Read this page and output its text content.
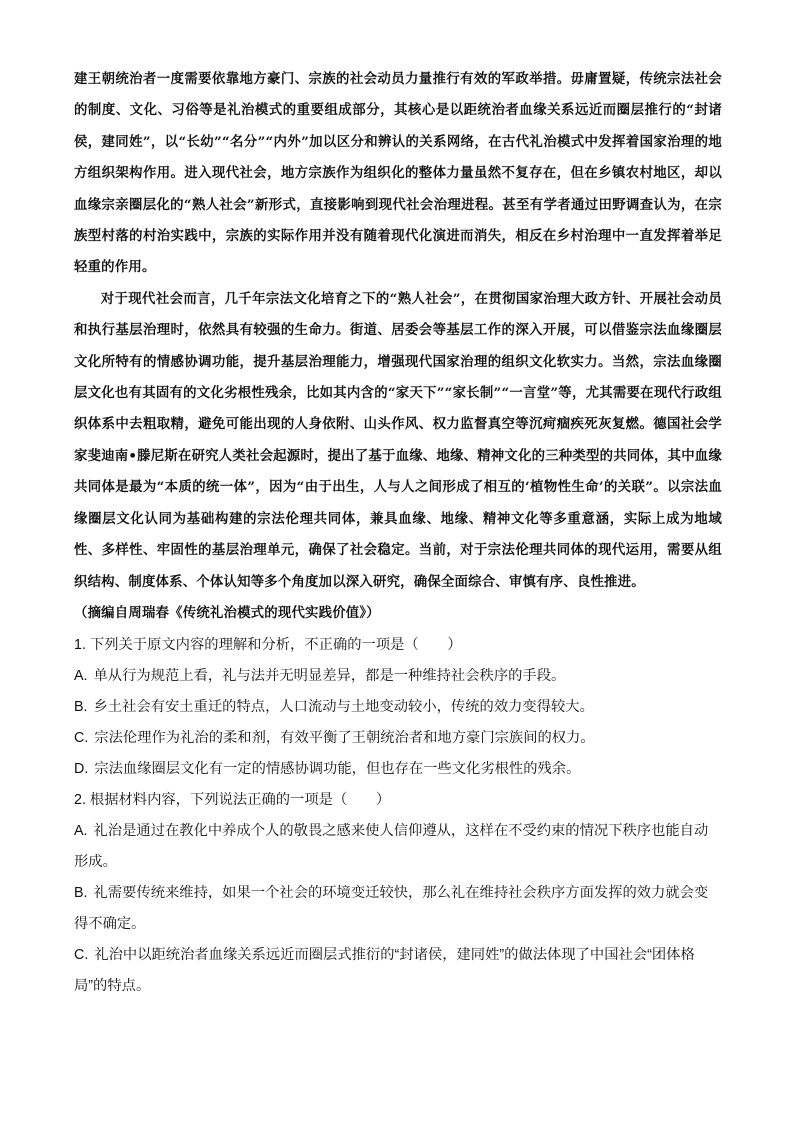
建王朝统治者一度需要依靠地方豪门、宗族的社会动员力量推行有效的军政举措。毋庸置疑，传统宗法社会的制度、文化、习俗等是礼治模式的重要组成部分，其核心是以距统治者血缘关系远近而圈层推行的“封诸侯，建同姓”，以“长幼”“名分”“内外”加以区分和辨认的关系网络，在古代礼治模式中发挥着国家治理的地方组织架构作用。进入现代社会，地方宗族作为组织化的整体力量虽然不复存在，但在乡镇农村地区，却以血缘宗亲圈层化的“熟人社会”新形式，直接影响到现代社会治理进程。甚至有学者通过田野调查认为，在宗族型村落的村治实践中，宗族的实际作用并没有随着现代化演进而消失，相反在乡村治理中一直发挥着举足轻重的作用。

对于现代社会而言，几千年宗法文化培育之下的“熟人社会”，在贯彻国家治理大政方针、开展社会动员和执行基层治理时，依然具有较强的生命力。街道、居委会等基层工作的深入开展，可以借鉴宗法血缘圈层文化所特有的情感协调功能，提升基层治理能力，增强现代国家治理的组织文化软实力。当然，宗法血缘圈层文化也有其固有的文化劣根性残余，比如其内含的“家天下”“家长制”“一言堂”等，尤其需要在现代行政组织体系中去粗取精，避免可能出现的人身依附、山头作风、权力监督真空等沉疴痼疾死灰复燃。德国社会学家斐迪南•滕尼斯在研究人类社会起源时，提出了基于血缘、地缘、精神文化的三种类型的共同体，其中血缘共同体是最为“本质的统一体”，因为“由于出生，人与人之间形成了相互的‘植物性生命’的关联”。以宗法血缘圈层文化认同为基础构建的宗法伦理共同体，兼具血缘、地缘、精神文化等多重意涵，实际上成为地域性、多样性、牢固性的基层治理单元，确保了社会稳定。当前，对于宗法伦理共同体的现代运用，需要从组织结构、制度体系、个体认知等多个角度加以深入研究，确保全面综合、审慎有序、良性推进。

（摘编自周瑞春《传统礼治模式的现代实践价值》）

1. 下列关于原文内容的理解和分析，不正确的一项是（　　）

A. 单从行为规范上看，礼与法并无明显差异，都是一种维持社会秩序的手段。

B. 乡土社会有安土重迁的特点，人口流动与土地变动较小，传统的效力变得较大。

C. 宗法伦理作为礼治的柔和剂，有效平衡了王朝统治者和地方豪门宗族间的权力。

D. 宗法血缘圈层文化有一定的情感协调功能，但也存在一些文化劣根性的残余。

2. 根据材料内容，下列说法正确的一项是（　　）

A. 礼治是通过在教化中养成个人的敬畏之感来使人信仰遵从，这样在不受约束的情况下秩序也能自动形成。

B. 礼需要传统来维持，如果一个社会的环境变迁较快，那么礼在维持社会秩序方面发挥的效力就会变得不确定。

C. 礼治中以距统治者血缘关系远近而圈层式推衍的“封诸侯，建同姓”的做法体现了中国社会“团体格局”的特点。
